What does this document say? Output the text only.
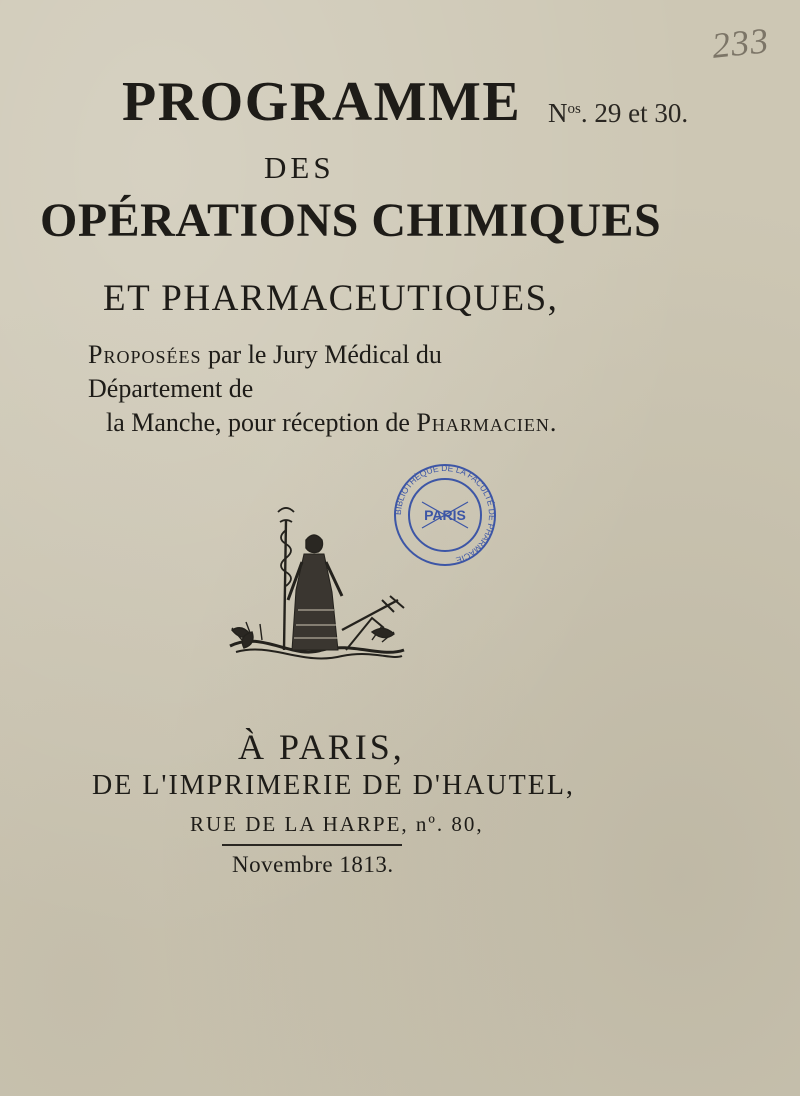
233
$N^{os}$. 29 et 30.
PROGRAMME
DES
OPÉRATIONS CHIMIQUES
ET PHARMACEUTIQUES,
Proposées par le Jury Médical du Département de
la Manche, pour réception de Pharmacien.
BIBLIOTHÈQUE DE LA FACULTÉ DE PHARMACIE
PARIS
À PARIS,
DE L'IMPRIMERIE DE D'HAUTEL,
RUE DE LA HARPE, nº. 80,
Novembre 1813.
